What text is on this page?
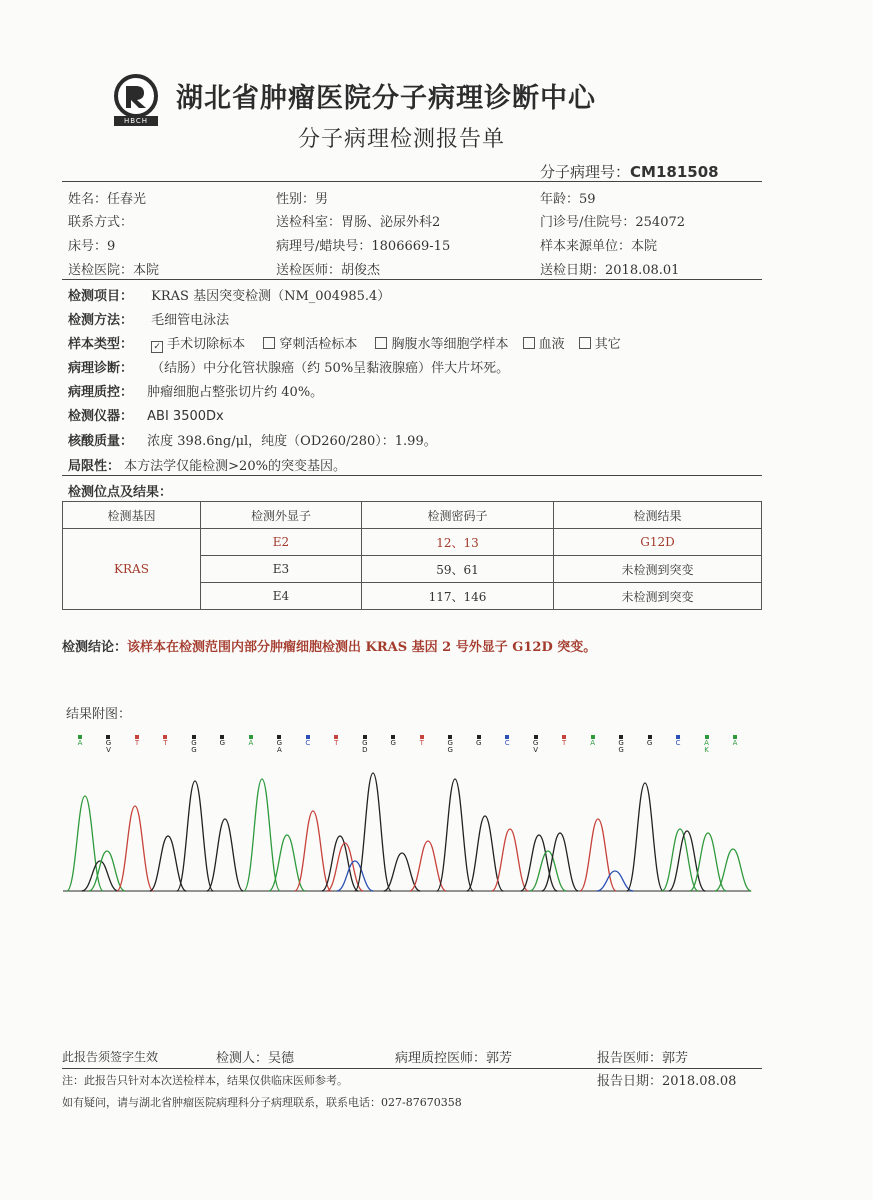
HBCH
湖北省肿瘤医院分子病理诊断中心
分子病理检测报告单
分子病理号：CM181508
姓名：任春光	性别：男	年龄：59
联系方式：	送检科室：胃肠、泌尿外科2	门诊号/住院号：254072
床号：9	病理号/蜡块号：1806669-15	样本来源单位：本院
送检医院：本院	送检医师：胡俊杰	送检日期：2018.08.01
检测项目： KRAS 基因突变检测（NM_004985.4）
检测方法： 毛细管电泳法
样本类型： ✓ 手术切除标本	穿刺活检标本	胸腹水等细胞学样本 血液 其它
病理诊断： （结肠）中分化管状腺癌（约 50%呈黏液腺癌）伴大片坏死。
病理质控： 肿瘤细胞占整张切片约 40%。
检测仪器： ABI 3500Dx
核酸质量： 浓度 398.6ng/μl，纯度（OD260/280）：1.99。
局限性： 本方法学仅能检测>20%的突变基因。
检测位点及结果：
检测基因	检测外显子	检测密码子	检测结果
KRAS	E2	12、13	G12D
	E3	59、61	未检测到突变
	E4	117、146	未检测到突变
检测结论：该样本在检测范围内部分肿瘤细胞检测出 KRAS 基因 2 号外显子 G12D 突变。
结果附图：
A	G
V
T	T	G
G
G	A	G
A
C	T	G
D
G	T	G
G
G	C	G
V
T	A	G
G
G	C	A
K
A
此报告须签字生效	检测人：吴德	病理质控医师：郭芳	报告医师：郭芳
注：此报告只针对本次送检样本，结果仅供临床医师参考。	报告日期：2018.08.08
如有疑问，请与湖北省肿瘤医院病理科分子病理联系，联系电话：027-87670358
